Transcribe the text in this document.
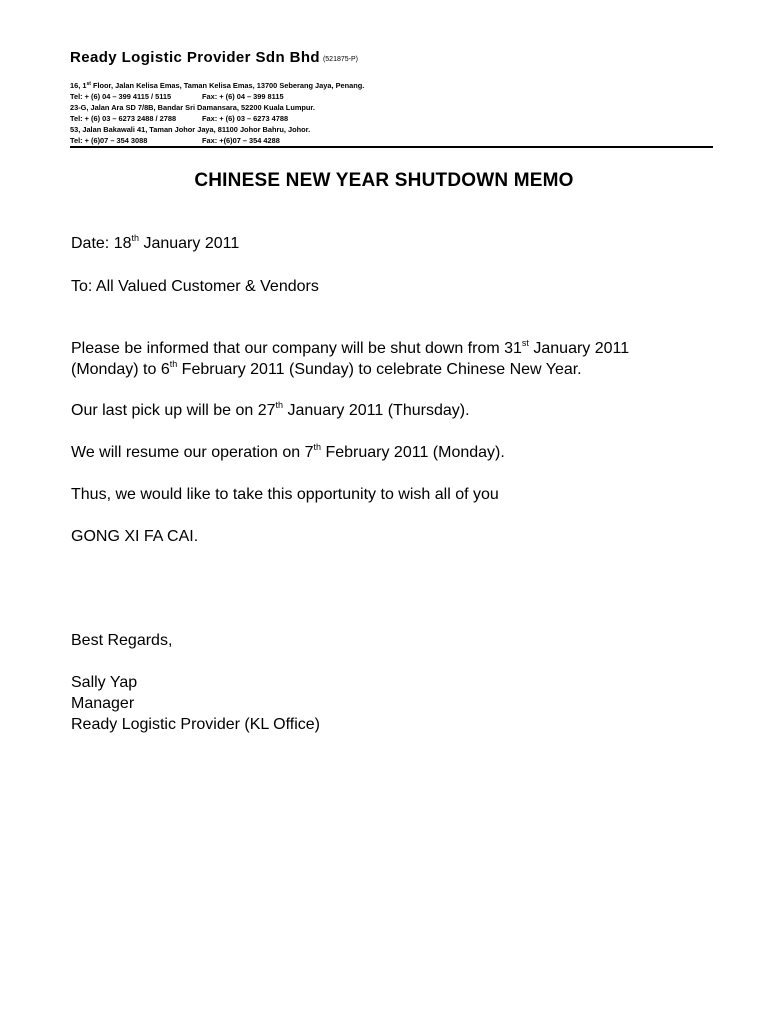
Ready Logistic Provider Sdn Bhd (521875-P)
16, 1st Floor, Jalan Kelisa Emas, Taman Kelisa Emas, 13700 Seberang Jaya, Penang.
Tel: + (6) 04 – 399 4115 / 5115	Fax: + (6) 04 – 399 8115
23-G, Jalan Ara SD 7/8B, Bandar Sri Damansara, 52200 Kuala Lumpur.
Tel: + (6) 03 – 6273 2488 / 2788	Fax: + (6) 03 – 6273 4788
53, Jalan Bakawali 41, Taman Johor Jaya, 81100 Johor Bahru, Johor.
Tel: + (6)07 – 354 3088	Fax: +(6)07 – 354 4288
CHINESE NEW YEAR SHUTDOWN MEMO
Date: 18th January 2011
To: All Valued Customer & Vendors
Please be informed that our company will be shut down from 31st January 2011
(Monday) to 6th February 2011 (Sunday) to celebrate Chinese New Year.
Our last pick up will be on 27th January 2011 (Thursday).
We will resume our operation on 7th February 2011 (Monday).
Thus, we would like to take this opportunity to wish all of you
GONG XI FA CAI.
Best Regards,
Sally Yap
Manager
Ready Logistic Provider (KL Office)
